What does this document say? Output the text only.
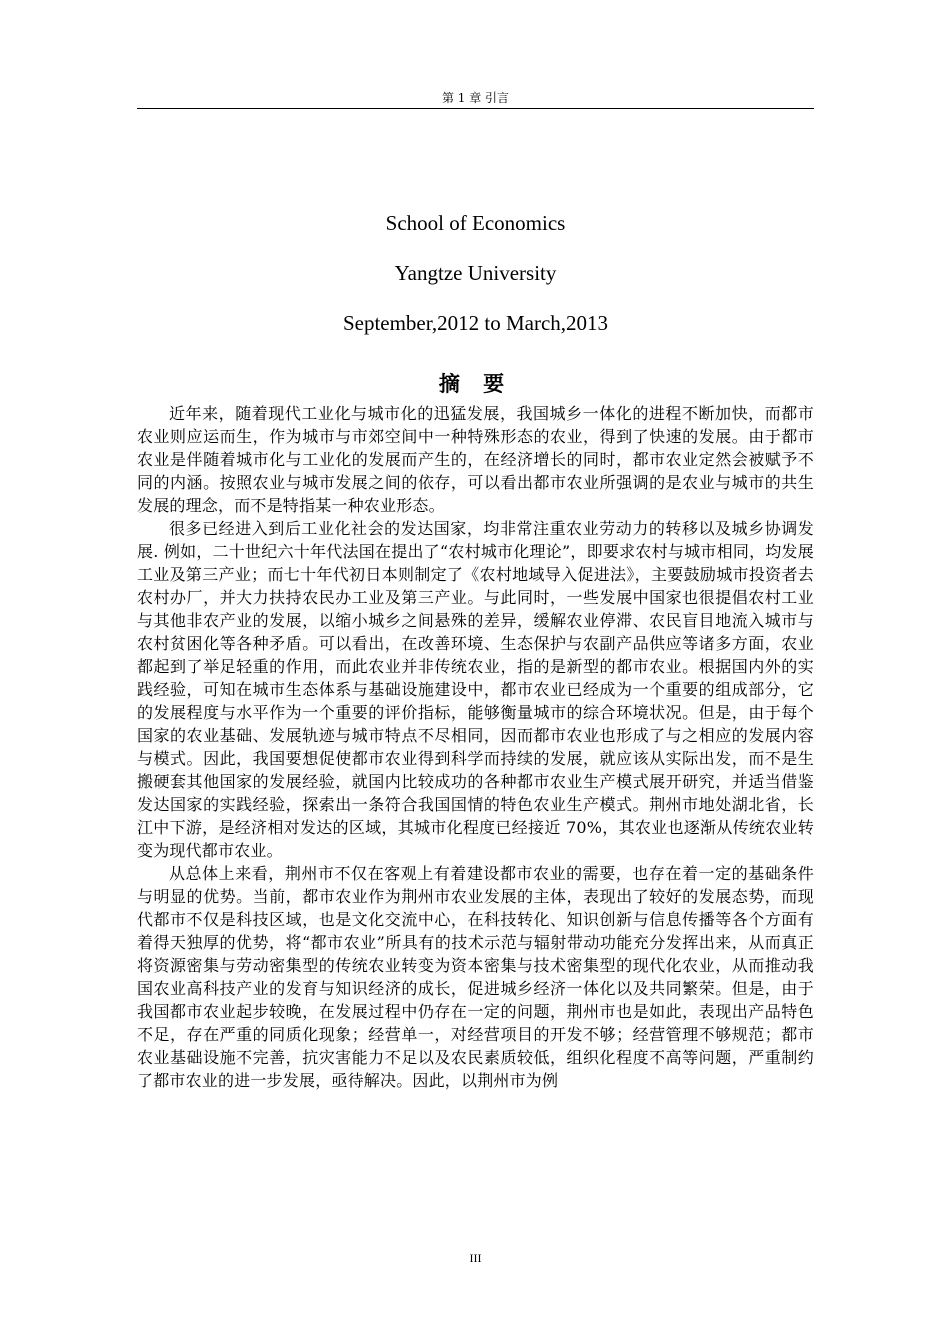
第 1 章 引言
School of Economics
Yangtze University
September,2012 to March,2013
摘 要

近年来，随着现代工业化与城市化的迅猛发展，我国城乡一体化的进程不断加快，而都市农业则应运而生，作为城市与市郊空间中一种特殊形态的农业，得到了快速的发展。由于都市农业是伴随着城市化与工业化的发展而产生的，在经济增长的同时，都市农业定然会被赋予不同的内涵。按照农业与城市发展之间的依存，可以看出都市农业所强调的是农业与城市的共生发展的理念，而不是特指某一种农业形态。

很多已经进入到后工业化社会的发达国家，均非常注重农业劳动力的转移以及城乡协调发展. 例如，二十世纪六十年代法国在提出了“农村城市化理论”，即要求农村与城市相同，均发展工业及第三产业；而七十年代初日本则制定了《农村地域导入促进法》，主要鼓励城市投资者去农村办厂，并大力扶持农民办工业及第三产业。与此同时，一些发展中国家也很提倡农村工业与其他非农产业的发展，以缩小城乡之间悬殊的差异，缓解农业停滞、农民盲目地流入城市与农村贫困化等各种矛盾。可以看出，在改善环境、生态保护与农副产品供应等诸多方面，农业都起到了举足轻重的作用，而此农业并非传统农业，指的是新型的都市农业。根据国内外的实践经验，可知在城市生态体系与基础设施建设中，都市农业已经成为一个重要的组成部分，它的发展程度与水平作为一个重要的评价指标，能够衡量城市的综合环境状况。但是，由于每个国家的农业基础、发展轨迹与城市特点不尽相同，因而都市农业也形成了与之相应的发展内容与模式。因此，我国要想促使都市农业得到科学而持续的发展，就应该从实际出发，而不是生搬硬套其他国家的发展经验，就国内比较成功的各种都市农业生产模式展开研究，并适当借鉴发达国家的实践经验，探索出一条符合我国国情的特色农业生产模式。荆州市地处湖北省，长江中下游，是经济相对发达的区域，其城市化程度已经接近 70%，其农业也逐渐从传统农业转变为现代都市农业。

从总体上来看，荆州市不仅在客观上有着建设都市农业的需要，也存在着一定的基础条件与明显的优势。当前，都市农业作为荆州市农业发展的主体，表现出了较好的发展态势，而现代都市不仅是科技区域，也是文化交流中心，在科技转化、知识创新与信息传播等各个方面有着得天独厚的优势，将“都市农业”所具有的技术示范与辐射带动功能充分发挥出来，从而真正将资源密集与劳动密集型的传统农业转变为资本密集与技术密集型的现代化农业，从而推动我国农业高科技产业的发育与知识经济的成长，促进城乡经济一体化以及共同繁荣。但是，由于我国都市农业起步较晚，在发展过程中仍存在一定的问题，荆州市也是如此，表现出产品特色不足，存在严重的同质化现象；经营单一，对经营项目的开发不够；经营管理不够规范；都市农业基础设施不完善，抗灾害能力不足以及农民素质较低，组织化程度不高等问题，严重制约了都市农业的进一步发展，亟待解决。因此，以荆州市为例

III
